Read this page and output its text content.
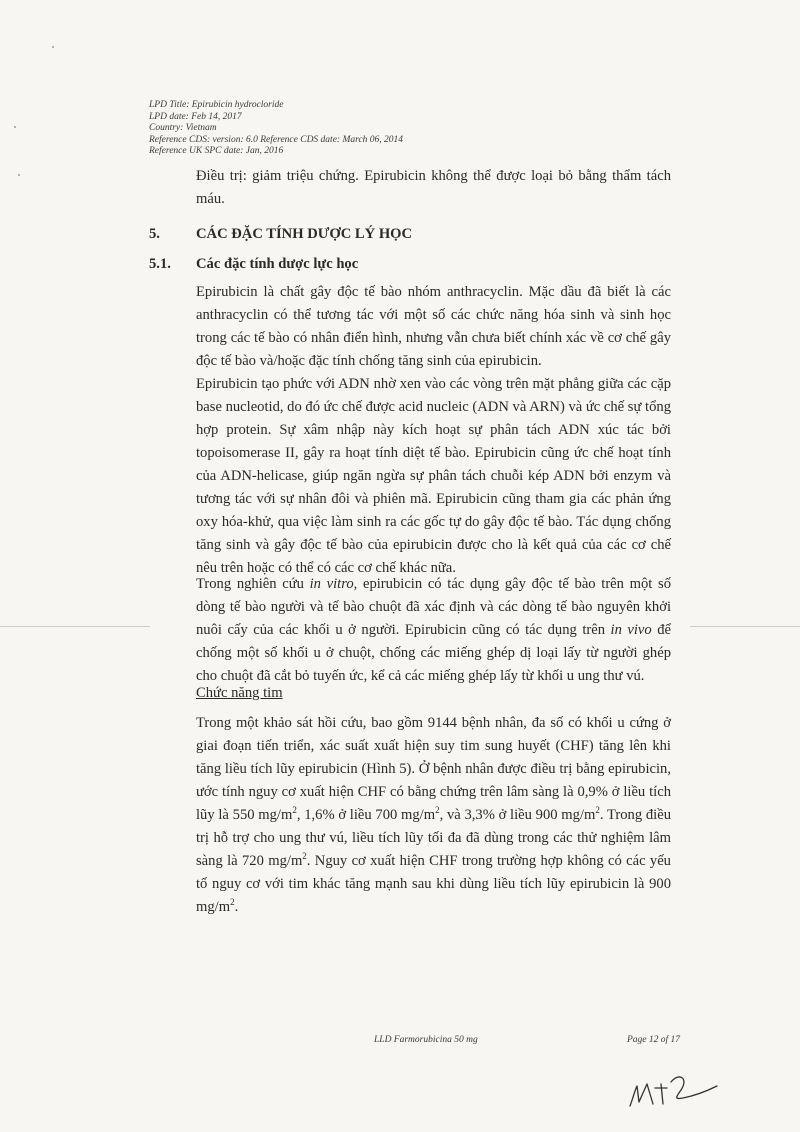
LPD Title: Epirubicin hydrocloride
LPD date: Feb 14, 2017
Country: Vietnam
Reference CDS: version: 6.0 Reference CDS date: March 06, 2014
Reference UK SPC date: Jan, 2016
Điều trị: giảm triệu chứng. Epirubicin không thể được loại bỏ bằng thẩm tách máu.
5. CÁC ĐẶC TÍNH DƯỢC LÝ HỌC
5.1. Các đặc tính dược lực học
Epirubicin là chất gây độc tế bào nhóm anthracyclin. Mặc dầu đã biết là các anthracyclin có thể tương tác với một số các chức năng hóa sinh và sinh học trong các tế bào có nhân điển hình, nhưng vẫn chưa biết chính xác về cơ chế gây độc tế bào và/hoặc đặc tính chống tăng sinh của epirubicin.
Epirubicin tạo phức với ADN nhờ xen vào các vòng trên mặt phẳng giữa các cặp base nucleotid, do đó ức chế được acid nucleic (ADN và ARN) và ức chế sự tổng hợp protein. Sự xâm nhập này kích hoạt sự phân tách ADN xúc tác bởi topoisomerase II, gây ra hoạt tính diệt tế bào. Epirubicin cũng ức chế hoạt tính của ADN-helicase, giúp ngăn ngừa sự phân tách chuỗi kép ADN bởi enzym và tương tác với sự nhân đôi và phiên mã. Epirubicin cũng tham gia các phản ứng oxy hóa-khử, qua việc làm sinh ra các gốc tự do gây độc tế bào. Tác dụng chống tăng sinh và gây độc tế bào của epirubicin được cho là kết quả của các cơ chế nêu trên hoặc có thể có các cơ chế khác nữa.
Trong nghiên cứu in vitro, epirubicin có tác dụng gây độc tế bào trên một số dòng tế bào người và tế bào chuột đã xác định và các dòng tế bào nguyên khởi nuôi cấy của các khối u ở người. Epirubicin cũng có tác dụng trên in vivo để chống một số khối u ở chuột, chống các miếng ghép dị loại lấy từ người ghép cho chuột đã cắt bỏ tuyến ức, kể cả các miếng ghép lấy từ khối u ung thư vú.
Chức năng tim
Trong một khảo sát hồi cứu, bao gồm 9144 bệnh nhân, đa số có khối u cứng ở giai đoạn tiến triển, xác suất xuất hiện suy tim sung huyết (CHF) tăng lên khi tăng liều tích lũy epirubicin (Hình 5). Ở bệnh nhân được điều trị bằng epirubicin, ước tính nguy cơ xuất hiện CHF có bằng chứng trên lâm sàng là 0,9% ở liều tích lũy là 550 $mg/m^2$, 1,6% ở liều 700 $mg/m^2$, và 3,3% ở liều 900 $mg/m^2$. Trong điều trị hỗ trợ cho ung thư vú, liều tích lũy tối đa đã dùng trong các thử nghiệm lâm sàng là 720 $mg/m^2$. Nguy cơ xuất hiện CHF trong trường hợp không có các yếu tố nguy cơ với tim khác tăng mạnh sau khi dùng liều tích lũy epirubicin là 900 $mg/m^2$.
LLD Farmorubicina 50 mg	Page 12 of 17
